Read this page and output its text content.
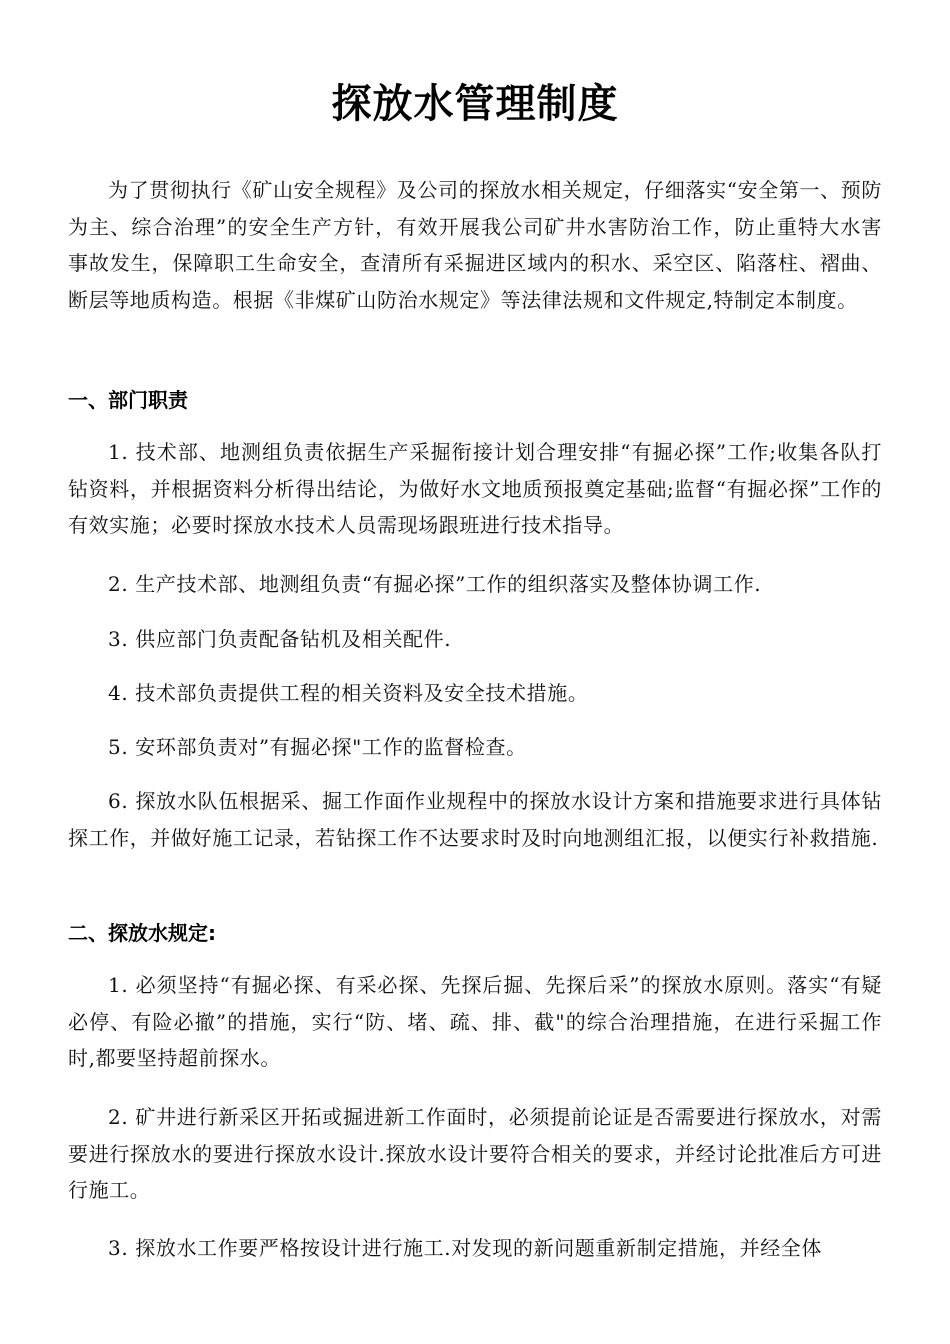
探放水管理制度

为了贯彻执行《矿山安全规程》及公司的探放水相关规定，仔细落实“安全第一、预防为主、综合治理”的安全生产方针，有效开展我公司矿井水害防治工作，防止重特大水害事故发生，保障职工生命安全，查清所有采掘进区域内的积水、采空区、陷落柱、褶曲、断层等地质构造。根据《非煤矿山防治水规定》等法律法规和文件规定,特制定本制度。

一、部门职责

1. 技术部、地测组负责依据生产采掘衔接计划合理安排“有掘必探”工作;收集各队打钻资料，并根据资料分析得出结论，为做好水文地质预报奠定基础;监督“有掘必探”工作的有效实施；必要时探放水技术人员需现场跟班进行技术指导。

2. 生产技术部、地测组负责“有掘必探”工作的组织落实及整体协调工作.

3. 供应部门负责配备钻机及相关配件.

4. 技术部负责提供工程的相关资料及安全技术措施。

5. 安环部负责对”有掘必探"工作的监督检查。

6. 探放水队伍根据采、掘工作面作业规程中的探放水设计方案和措施要求进行具体钻探工作，并做好施工记录，若钻探工作不达要求时及时向地测组汇报，以便实行补救措施.

二、探放水规定:

1. 必须坚持“有掘必探、有采必探、先探后掘、先探后采”的探放水原则。落实“有疑必停、有险必撤”的措施，实行“防、堵、疏、排、截"的综合治理措施，在进行采掘工作时,都要坚持超前探水。

2. 矿井进行新采区开拓或掘进新工作面时，必须提前论证是否需要进行探放水，对需要进行探放水的要进行探放水设计.探放水设计要符合相关的要求，并经讨论批准后方可进行施工。

3. 探放水工作要严格按设计进行施工.对发现的新问题重新制定措施，并经全体
